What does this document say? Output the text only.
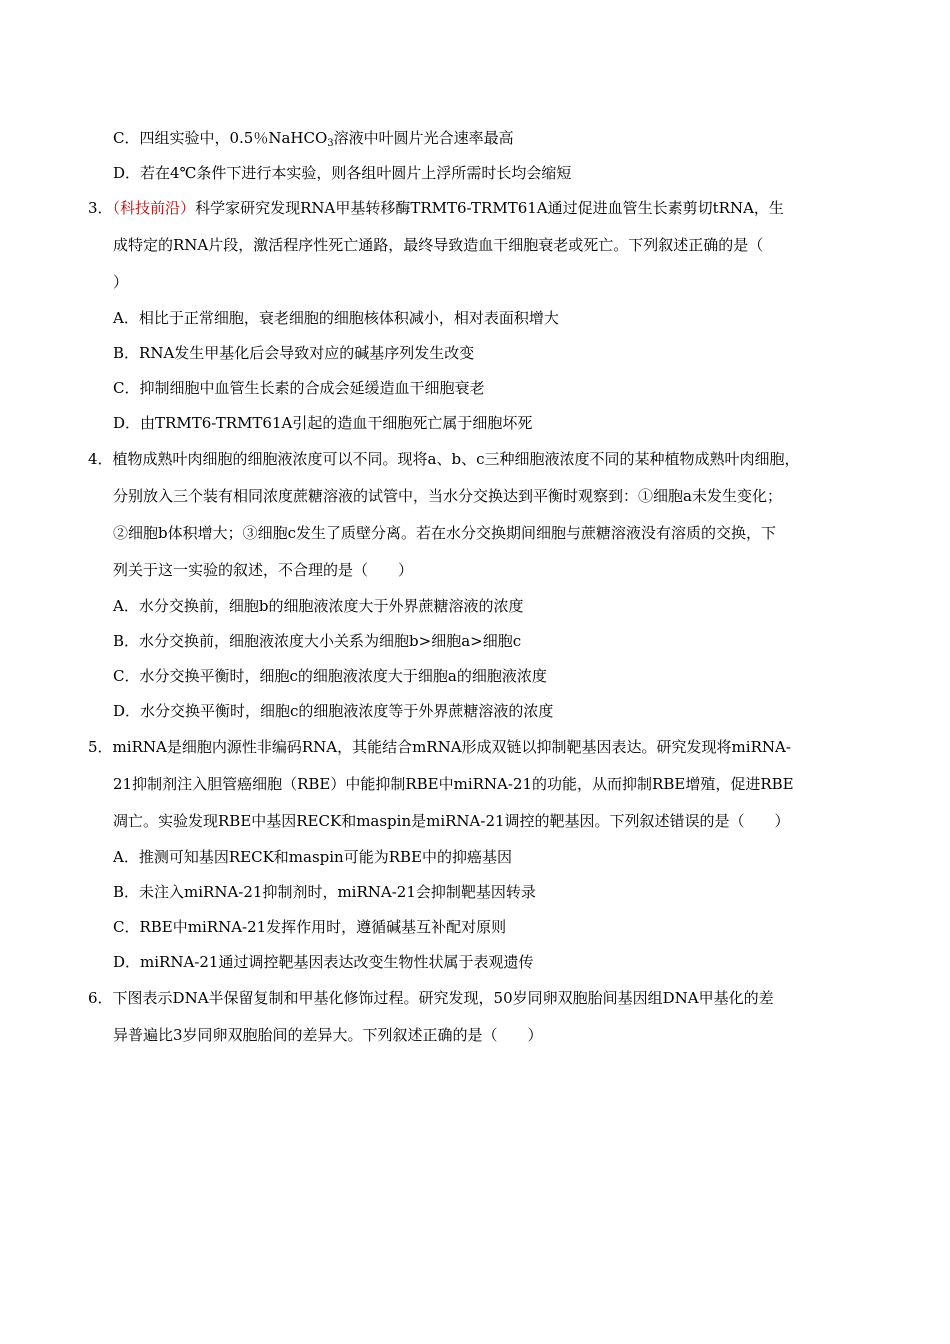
C．四组实验中，0.5％NaHCO$_3$溶液中叶圆片光合速率最高
D．若在4℃条件下进行本实验，则各组叶圆片上浮所需时长均会缩短
3．（科技前沿）科学家研究发现RNA甲基转移酶TRMT6-TRMT61A通过促进血管生长素剪切tRNA，生
成特定的RNA片段，激活程序性死亡通路，最终导致造血干细胞衰老或死亡。下列叙述正确的是（
）
A．相比于正常细胞，衰老细胞的细胞核体积减小，相对表面积增大
B．RNA发生甲基化后会导致对应的碱基序列发生改变
C．抑制细胞中血管生长素的合成会延缓造血干细胞衰老
D．由TRMT6-TRMT61A引起的造血干细胞死亡属于细胞坏死
4．植物成熟叶肉细胞的细胞液浓度可以不同。现将a、b、c三种细胞液浓度不同的某种植物成熟叶肉细胞，
分别放入三个装有相同浓度蔗糖溶液的试管中，当水分交换达到平衡时观察到：①细胞a未发生变化；
②细胞b体积增大；③细胞c发生了质壁分离。若在水分交换期间细胞与蔗糖溶液没有溶质的交换，下
列关于这一实验的叙述，不合理的是（　　）
A．水分交换前，细胞b的细胞液浓度大于外界蔗糖溶液的浓度
B．水分交换前，细胞液浓度大小关系为细胞b>细胞a>细胞c
C．水分交换平衡时，细胞c的细胞液浓度大于细胞a的细胞液浓度
D．水分交换平衡时，细胞c的细胞液浓度等于外界蔗糖溶液的浓度
5．miRNA是细胞内源性非编码RNA，其能结合mRNA形成双链以抑制靶基因表达。研究发现将miRNA-
21抑制剂注入胆管癌细胞（RBE）中能抑制RBE中miRNA-21的功能，从而抑制RBE增殖，促进RBE
凋亡。实验发现RBE中基因RECK和maspin是miRNA-21调控的靶基因。下列叙述错误的是（　　）
A．推测可知基因RECK和maspin可能为RBE中的抑癌基因
B．未注入miRNA-21抑制剂时，miRNA-21会抑制靶基因转录
C．RBE中miRNA-21发挥作用时，遵循碱基互补配对原则
D．miRNA-21通过调控靶基因表达改变生物性状属于表观遗传
6．下图表示DNA半保留复制和甲基化修饰过程。研究发现，50岁同卵双胞胎间基因组DNA甲基化的差
异普遍比3岁同卵双胞胎间的差异大。下列叙述正确的是（　　）
